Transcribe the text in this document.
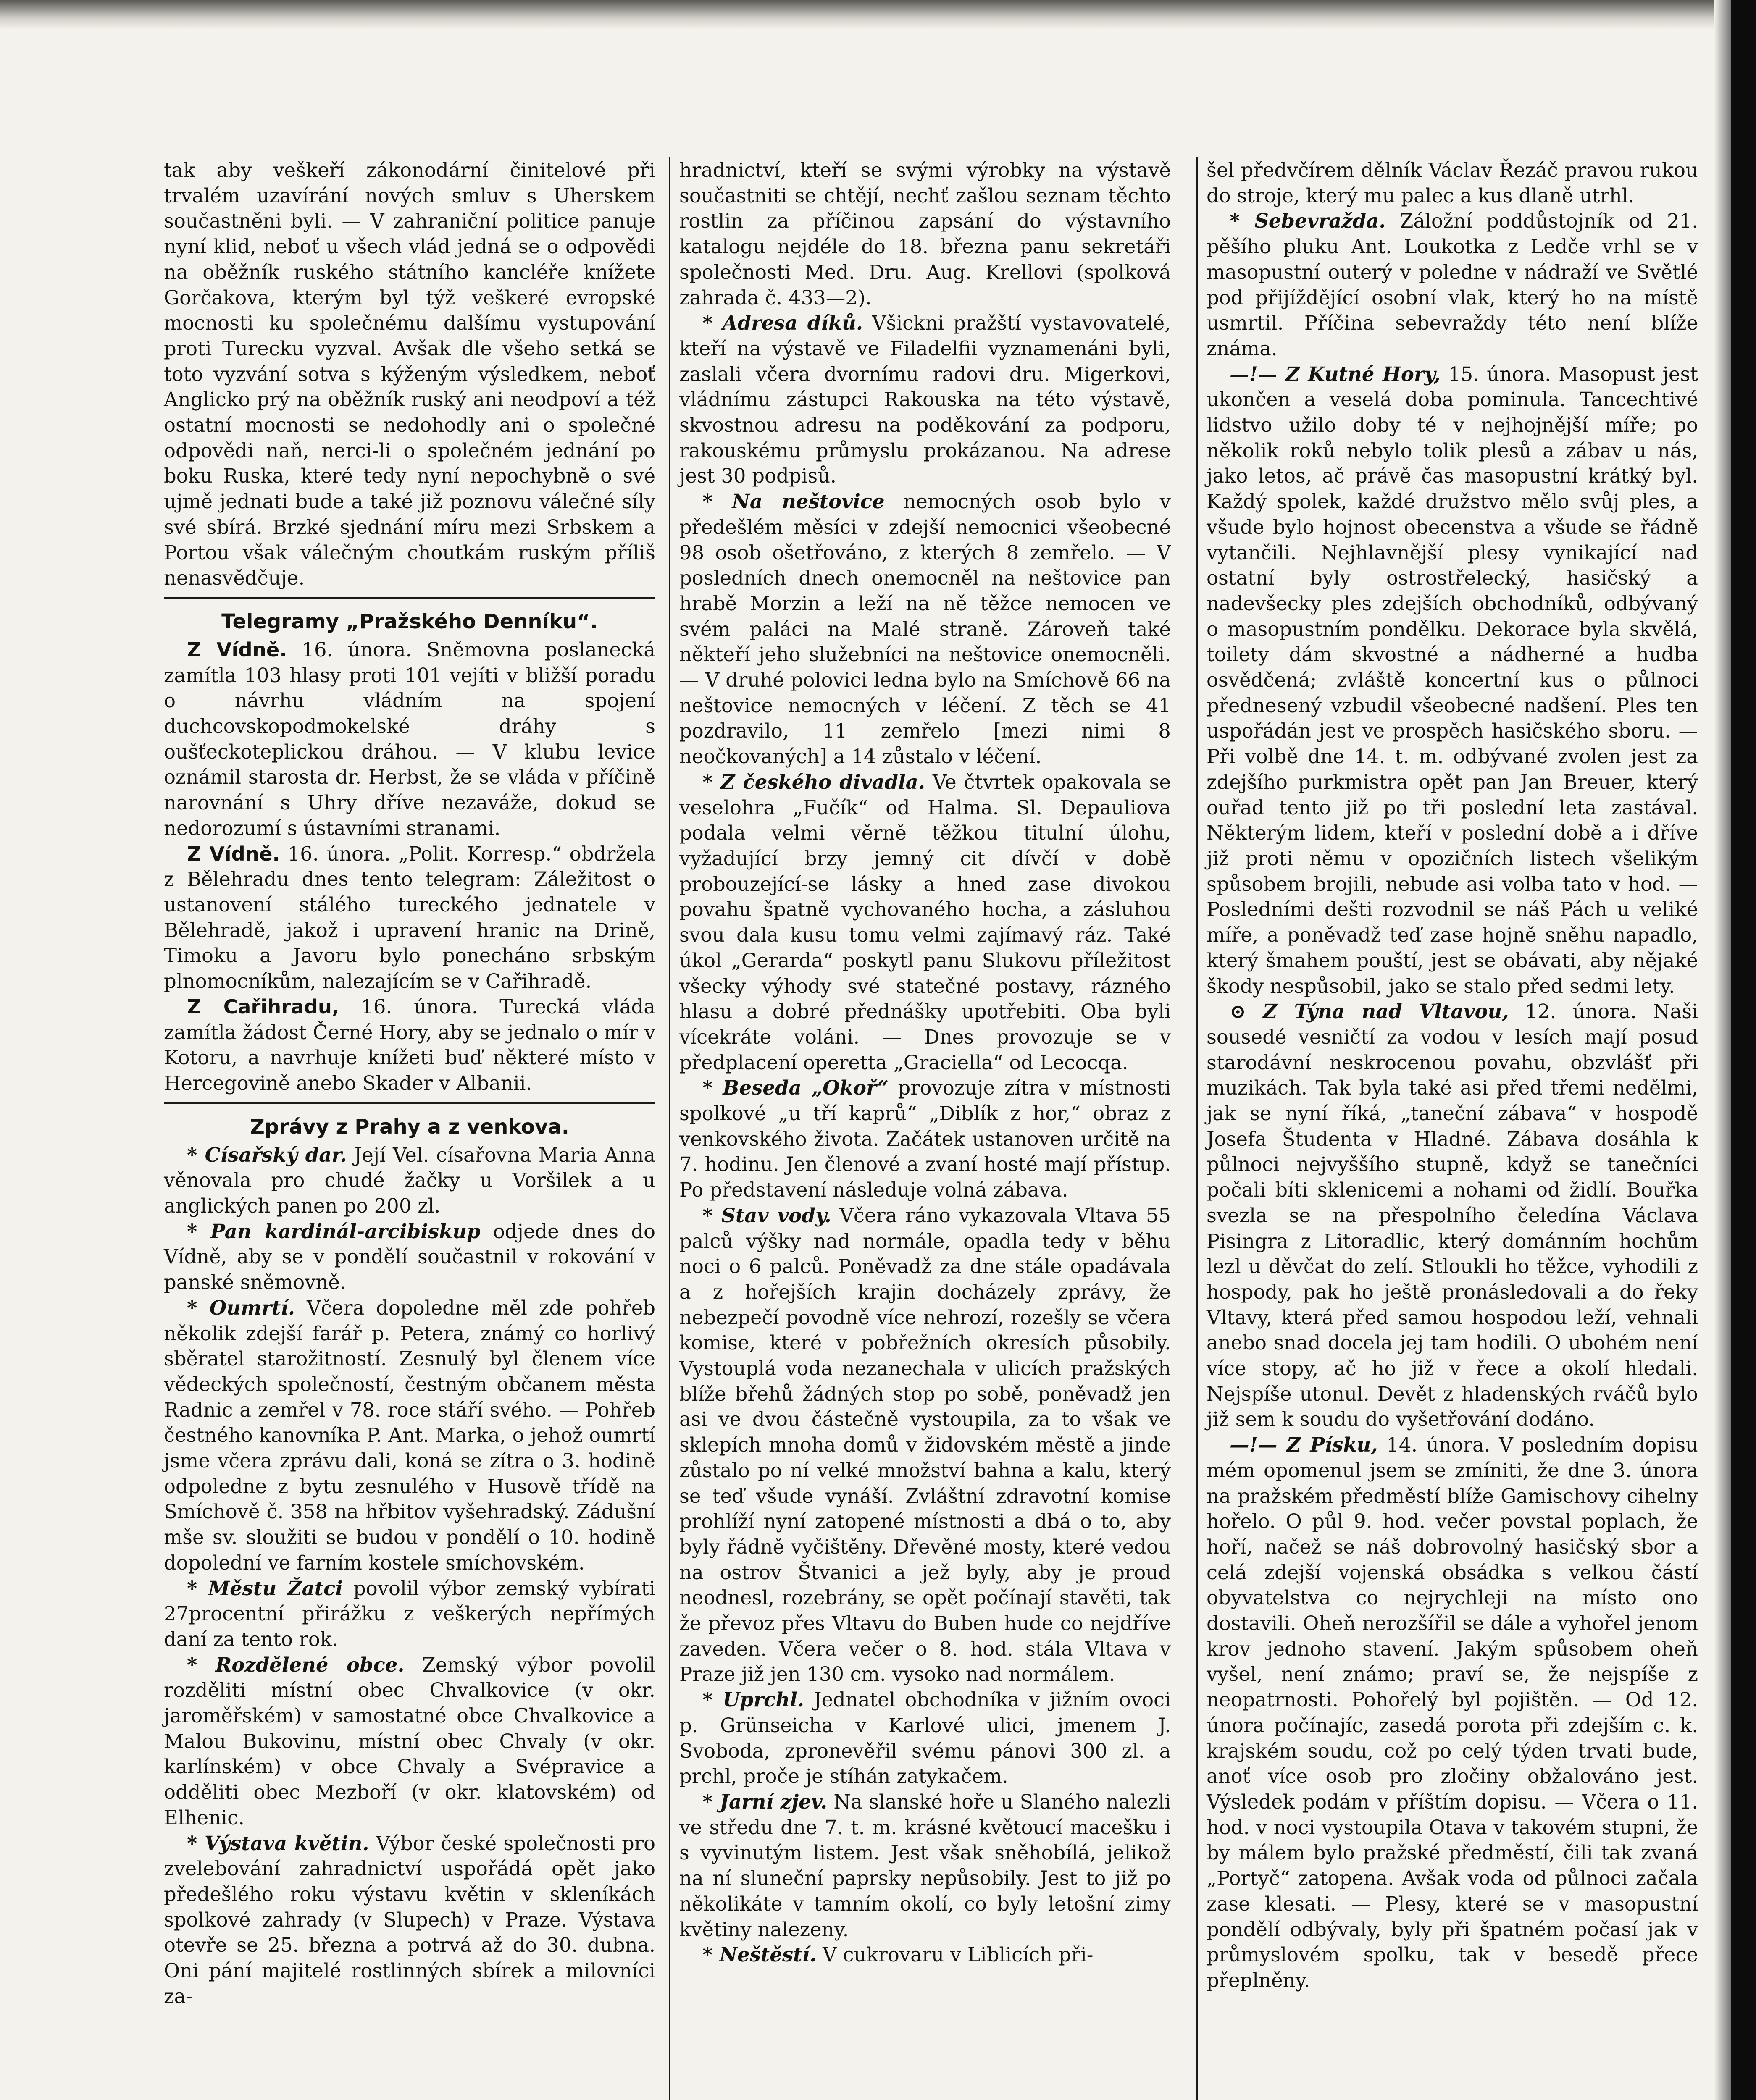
tak aby veškeří zákonodární činitelové při trvalém uzavírání nových smluv s Uherskem součastněni byli. — V zahraniční politice panuje nyní klid, neboť u všech vlád jedná se o odpovědi na oběžník ruského státního kancléře knížete Gorčakova, kterým byl týž veškeré evropské mocnosti ku společnému dalšímu vystupování proti Turecku vyzval. Avšak dle všeho setká se toto vyzvání sotva s kýženým výsledkem, neboť Anglicko prý na oběžník ruský ani neodpoví a též ostatní mocnosti se nedohodly ani o společné odpovědi naň, nerci-li o společném jednání po boku Ruska, které tedy nyní nepochybně o své ujmě jednati bude a také již poznovu válečné síly své sbírá. Brzké sjednání míru mezi Srbskem a Portou však válečným choutkám ruským příliš nenasvědčuje.

Telegramy „Pražského Denníku“.

Z Vídně. 16. února. Sněmovna poslanecká zamítla 103 hlasy proti 101 vejíti v bližší poradu o návrhu vládním na spojení duchcovskopodmokelské dráhy s oušťeckoteplickou dráhou. — V klubu levice oznámil starosta dr. Herbst, že se vláda v příčině narovnání s Uhry dříve nezaváže, dokud se nedorozumí s ústavními stranami.

Z Vídně. 16. února. „Polit. Korresp.“ obdržela z Bělehradu dnes tento telegram: Záležitost o ustanovení stálého tureckého jednatele v Bělehradě, jakož i upravení hranic na Drině, Timoku a Javoru bylo ponecháno srbským plnomocníkům, nalezajícím se v Cařihradě.

Z Cařihradu, 16. února. Turecká vláda zamítla žádost Černé Hory, aby se jednalo o mír v Kotoru, a navrhuje knížeti buď některé místo v Hercegovině anebo Skader v Albanii.

Zprávy z Prahy a z venkova.

* Císařský dar. Její Vel. císařovna Maria Anna věnovala pro chudé žačky u Voršilek a u anglických panen po 200 zl.

* Pan kardinál-arcibiskup odjede dnes do Vídně, aby se v pondělí součastnil v rokování v panské sněmovně.

* Oumrtí. Včera dopoledne měl zde pohřeb několik zdejší farář p. Petera, známý co horlivý sběratel starožitností. Zesnulý byl členem více vědeckých společností, čestným občanem města Radnic a zemřel v 78. roce stáří svého. — Pohřeb čestného kanovníka P. Ant. Marka, o jehož oumrtí jsme včera zprávu dali, koná se zítra o 3. hodině odpoledne z bytu zesnulého v Husově třídě na Smíchově č. 358 na hřbitov vyšehradský. Zádušní mše sv. sloužiti se budou v pondělí o 10. hodině dopolední ve farním kostele smíchovském.

* Městu Žatci povolil výbor zemský vybírati 27procentní přirážku z veškerých nepřímých daní za tento rok.

* Rozdělené obce. Zemský výbor povolil rozděliti místní obec Chvalkovice (v okr. jaroměřském) v samostatné obce Chvalkovice a Malou Bukovinu, místní obec Chvaly (v okr. karlínském) v obce Chvaly a Svépravice a odděliti obec Mezboří (v okr. klatovském) od Elhenic.

* Výstava květin. Výbor české společnosti pro zvelebování zahradnictví uspořádá opět jako předešlého roku výstavu květin v skleníkách spolkové zahrady (v Slupech) v Praze. Výstava otevře se 25. března a potrvá až do 30. dubna. Oni pání majitelé rostlinných sbírek a milovníci za-

hradnictví, kteří se svými výrobky na výstavě součastniti se chtějí, nechť zašlou seznam těchto rostlin za příčinou zapsání do výstavního katalogu nejdéle do 18. března panu sekretáři společnosti Med. Dru. Aug. Krellovi (spolková zahrada č. 433—2).

* Adresa díků. Všickni pražští vystavovatelé, kteří na výstavě ve Filadelfii vyznamenáni byli, zaslali včera dvornímu radovi dru. Migerkovi, vládnímu zástupci Rakouska na této výstavě, skvostnou adresu na poděkování za podporu, rakouskému průmyslu prokázanou. Na adrese jest 30 podpisů.

* Na neštovice nemocných osob bylo v předešlém měsíci v zdejší nemocnici všeobecné 98 osob ošetřováno, z kterých 8 zemřelo. — V posledních dnech onemocněl na neštovice pan hrabě Morzin a leží na ně těžce nemocen ve svém paláci na Malé straně. Zároveň také někteří jeho služebníci na neštovice onemocněli. — V druhé polovici ledna bylo na Smíchově 66 na neštovice nemocných v léčení. Z těch se 41 pozdravilo, 11 zemřelo [mezi nimi 8 neočkovaných] a 14 zůstalo v léčení.

* Z českého divadla. Ve čtvrtek opakovala se veselohra „Fučík“ od Halma. Sl. Depauliova podala velmi věrně těžkou titulní úlohu, vyžadující brzy jemný cit dívčí v době probouzející-se lásky a hned zase divokou povahu špatně vychovaného hocha, a zásluhou svou dala kusu tomu velmi zajímavý ráz. Také úkol „Gerarda“ poskytl panu Slukovu příležitost všecky výhody své statečné postavy, rázného hlasu a dobré přednášky upotřebiti. Oba byli vícekráte voláni. — Dnes provozuje se v předplacení operetta „Graciella“ od Lecocqa.

* Beseda „Okoř“ provozuje zítra v místnosti spolkové „u tří kaprů“ „Diblík z hor,“ obraz z venkovského života. Začátek ustanoven určitě na 7. hodinu. Jen členové a zvaní hosté mají přístup. Po představení následuje volná zábava.

* Stav vody. Včera ráno vykazovala Vltava 55 palců výšky nad normále, opadla tedy v běhu noci o 6 palců. Poněvadž za dne stále opadávala a z hořejších krajin docházely zprávy, že nebezpečí povodně více nehrozí, rozešly se včera komise, které v pobřežních okresích působily. Vystouplá voda nezanechala v ulicích pražských blíže břehů žádných stop po sobě, poněvadž jen asi ve dvou částečně vystoupila, za to však ve sklepích mnoha domů v židovském městě a jinde zůstalo po ní velké množství bahna a kalu, který se teď všude vynáší. Zvláštní zdravotní komise prohlíží nyní zatopené místnosti a dbá o to, aby byly řádně vyčištěny. Dřevěné mosty, které vedou na ostrov Štvanici a jež byly, aby je proud neodnesl, rozebrány, se opět počínají stavěti, tak že převoz přes Vltavu do Buben hude co nejdříve zaveden. Včera večer o 8. hod. stála Vltava v Praze již jen 130 cm. vysoko nad normálem.

* Uprchl. Jednatel obchodníka v jižním ovoci p. Grünseicha v Karlové ulici, jmenem J. Svoboda, zpronevěřil svému pánovi 300 zl. a prchl, proče je stíhán zatykačem.

* Jarní zjev. Na slanské hoře u Slaného nalezli ve středu dne 7. t. m. krásné květoucí macešku i s vyvinutým listem. Jest však sněhobílá, jelikož na ní sluneční paprsky nepůsobily. Jest to již po několikáte v tamním okolí, co byly letošní zimy květiny nalezeny.

* Neštěstí. V cukrovaru v Liblicích při-

šel předvčírem dělník Václav Řezáč pravou rukou do stroje, který mu palec a kus dlaně utrhl.

* Sebevražda. Záložní poddůstojník od 21. pěšího pluku Ant. Loukotka z Ledče vrhl se v masopustní outerý v poledne v nádraží ve Světlé pod přijíždějící osobní vlak, který ho na místě usmrtil. Příčina sebevraždy této není blíže známa.

—!— Z Kutné Hory, 15. února. Masopust jest ukončen a veselá doba pominula. Tancechtivé lidstvo užilo doby té v nejhojnější míře; po několik roků nebylo tolik plesů a zábav u nás, jako letos, ač právě čas masopustní krátký byl. Každý spolek, každé družstvo mělo svůj ples, a všude bylo hojnost obecenstva a všude se řádně vytančili. Nejhlavnější plesy vynikající nad ostatní byly ostrostřelecký, hasičský a nadevšecky ples zdejších obchodníků, odbývaný o masopustním pondělku. Dekorace byla skvělá, toilety dám skvostné a nádherné a hudba osvědčená; zvláště koncertní kus o půlnoci přednesený vzbudil všeobecné nadšení. Ples ten uspořádán jest ve prospěch hasičského sboru. — Při volbě dne 14. t. m. odbývané zvolen jest za zdejšího purkmistra opět pan Jan Breuer, který ouřad tento již po tři poslední leta zastával. Některým lidem, kteří v poslední době a i dříve již proti němu v opozičních listech všelikým spůsobem brojili, nebude asi volba tato v hod. — Posledními dešti rozvodnil se náš Pách u veliké míře, a poněvadž teď zase hojně sněhu napadlo, který šmahem pouští, jest se obávati, aby nějaké škody nespůsobil, jako se stalo před sedmi lety.

⊙ Z Týna nad Vltavou, 12. února. Naši sousedé vesničtí za vodou v lesích mají posud starodávní neskrocenou povahu, obzvlášť při muzikách. Tak byla také asi před třemi nedělmi, jak se nyní říká, „taneční zábava“ v hospodě Josefa Študenta v Hladné. Zábava dosáhla k půlnoci nejvyššího stupně, když se tanečníci počali bíti sklenicemi a nohami od židlí. Bouřka svezla se na přespolního čeledína Václava Pisingra z Litoradlic, který dománním hochům lezl u děvčat do zelí. Stloukli ho těžce, vyhodili z hospody, pak ho ještě pronásledovali a do řeky Vltavy, která před samou hospodou leží, vehnali anebo snad docela jej tam hodili. O ubohém není více stopy, ač ho již v řece a okolí hledali. Nejspíše utonul. Devět z hladenských rváčů bylo již sem k soudu do vyšetřování dodáno.

—!— Z Písku, 14. února. V posledním dopisu mém opomenul jsem se zmíniti, že dne 3. února na pražském předměstí blíže Gamischovy cihelny hořelo. O půl 9. hod. večer povstal poplach, že hoří, načež se náš dobrovolný hasičský sbor a celá zdejší vojenská obsádka s velkou částí obyvatelstva co nejrychleji na místo ono dostavili. Oheň nerozšířil se dále a vyhořel jenom krov jednoho stavení. Jakým spůsobem oheň vyšel, není známo; praví se, že nejspíše z neopatrnosti. Pohořelý byl pojištěn. — Od 12. února počínajíc, zasedá porota při zdejším c. k. krajském soudu, což po celý týden trvati bude, anoť více osob pro zločiny obžalováno jest. Výsledek podám v příštím dopisu. — Včera o 11. hod. v noci vystoupila Otava v takovém stupni, že by málem bylo pražské předměstí, čili tak zvaná „Portyč“ zatopena. Avšak voda od půlnoci začala zase klesati. — Plesy, které se v masopustní pondělí odbývaly, byly při špatném počasí jak v průmyslovém spolku, tak v besedě přece přeplněny.
